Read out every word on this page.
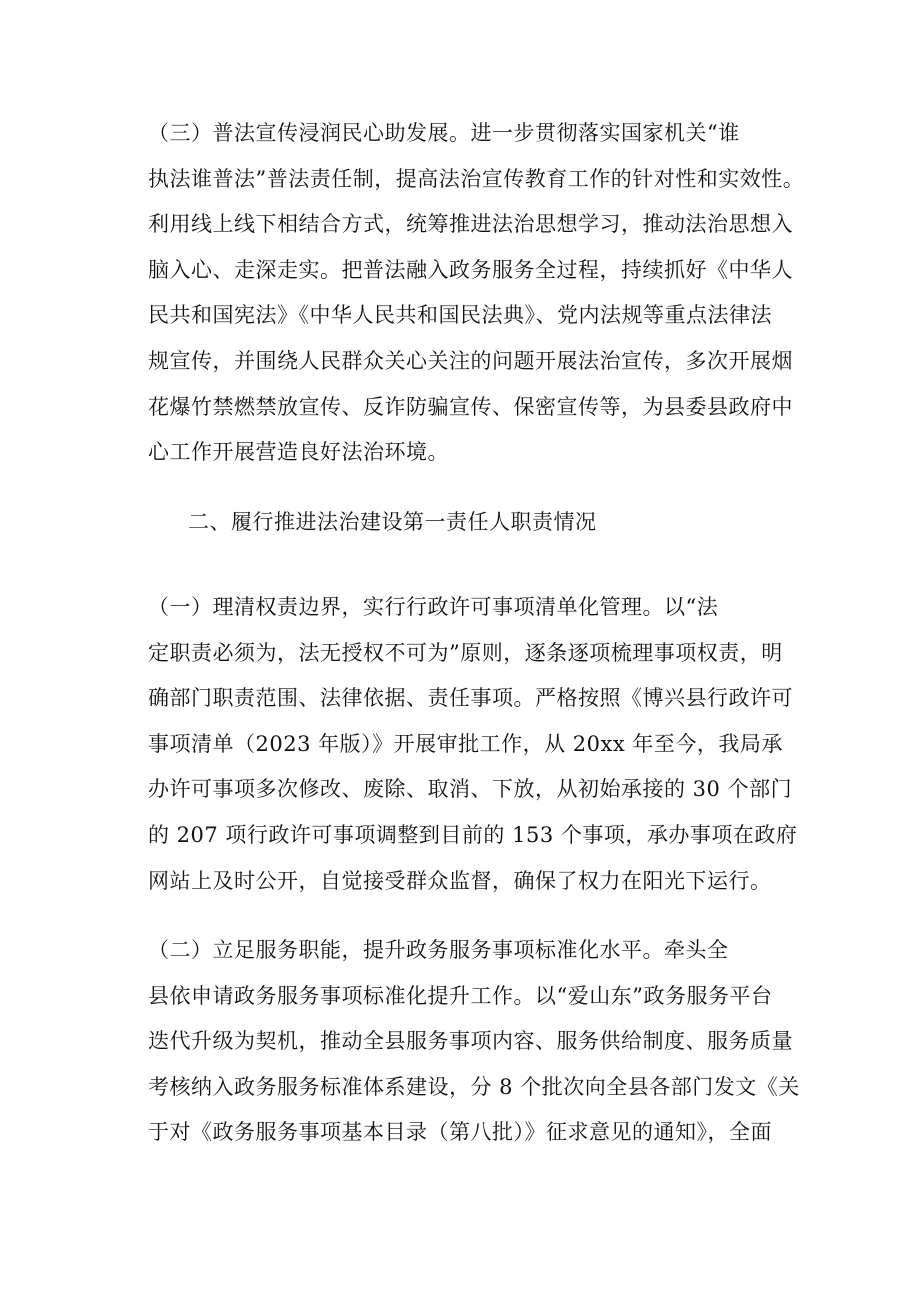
（三）普法宣传浸润民心助发展。进一步贯彻落实国家机关“谁
执法谁普法”普法责任制，提高法治宣传教育工作的针对性和实效性。
利用线上线下相结合方式，统筹推进法治思想学习，推动法治思想入
脑入心、走深走实。把普法融入政务服务全过程，持续抓好《中华人
民共和国宪法》《中华人民共和国民法典》、党内法规等重点法律法
规宣传，并围绕人民群众关心关注的问题开展法治宣传，多次开展烟
花爆竹禁燃禁放宣传、反诈防骗宣传、保密宣传等，为县委县政府中
心工作开展营造良好法治环境。
二、履行推进法治建设第一责任人职责情况
（一）理清权责边界，实行行政许可事项清单化管理。以“法
定职责必须为，法无授权不可为”原则，逐条逐项梳理事项权责，明
确部门职责范围、法律依据、责任事项。严格按照《博兴县行政许可
事项清单（2023 年版）》开展审批工作，从 20xx 年至今，我局承
办许可事项多次修改、废除、取消、下放，从初始承接的 30 个部门
的 207 项行政许可事项调整到目前的 153 个事项，承办事项在政府
网站上及时公开，自觉接受群众监督，确保了权力在阳光下运行。
（二）立足服务职能，提升政务服务事项标准化水平。牵头全
县依申请政务服务事项标准化提升工作。以“爱山东”政务服务平台
迭代升级为契机，推动全县服务事项内容、服务供给制度、服务质量
考核纳入政务服务标准体系建设，分 8 个批次向全县各部门发文《关
于对《政务服务事项基本目录（第八批）》征求意见的通知》，全面
